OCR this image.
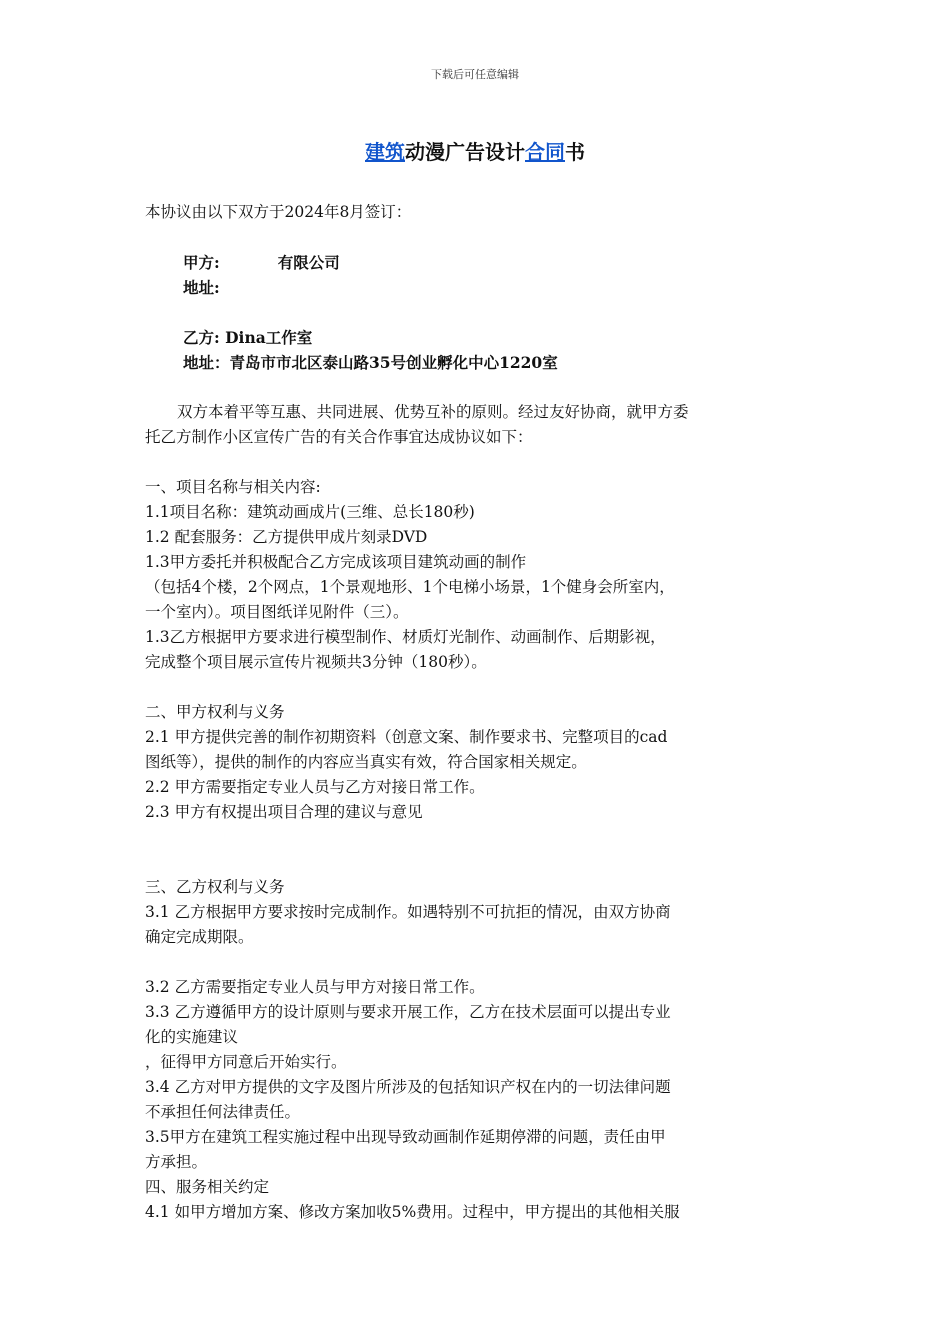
下载后可任意编辑
建筑动漫广告设计合同书
本协议由以下双方于2024年8月签订：
甲方:	有限公司
地址:
乙方: Dina工作室
地址：青岛市市北区泰山路35号创业孵化中心1220室
双方本着平等互惠、共同进展、优势互补的原则。经过友好协商，就甲方委
托乙方制作小区宣传广告的有关合作事宜达成协议如下：
一、项目名称与相关内容:
1.1项目名称：建筑动画成片(三维、总长180秒)
1.2 配套服务：乙方提供甲成片刻录DVD
1.3甲方委托并积极配合乙方完成该项目建筑动画的制作
（包括4个楼，2个网点，1个景观地形、1个电梯小场景，1个健身会所室内，
一个室内）。项目图纸详见附件（三）。
1.3乙方根据甲方要求进行模型制作、材质灯光制作、动画制作、后期影视，
完成整个项目展示宣传片视频共3分钟（180秒）。
二、甲方权利与义务
2.1 甲方提供完善的制作初期资料（创意文案、制作要求书、完整项目的cad
图纸等），提供的制作的内容应当真实有效，符合国家相关规定。
2.2 甲方需要指定专业人员与乙方对接日常工作。
2.3 甲方有权提出项目合理的建议与意见
三、乙方权利与义务
3.1 乙方根据甲方要求按时完成制作。如遇特别不可抗拒的情况，由双方协商
确定完成期限。
3.2 乙方需要指定专业人员与甲方对接日常工作。
3.3 乙方遵循甲方的设计原则与要求开展工作，乙方在技术层面可以提出专业
化的实施建议
，征得甲方同意后开始实行。
3.4 乙方对甲方提供的文字及图片所涉及的包括知识产权在内的一切法律问题
不承担任何法律责任。
3.5甲方在建筑工程实施过程中出现导致动画制作延期停滞的问题，责任由甲
方承担。
四、服务相关约定
4.1 如甲方增加方案、修改方案加收5%费用。过程中，甲方提出的其他相关服
